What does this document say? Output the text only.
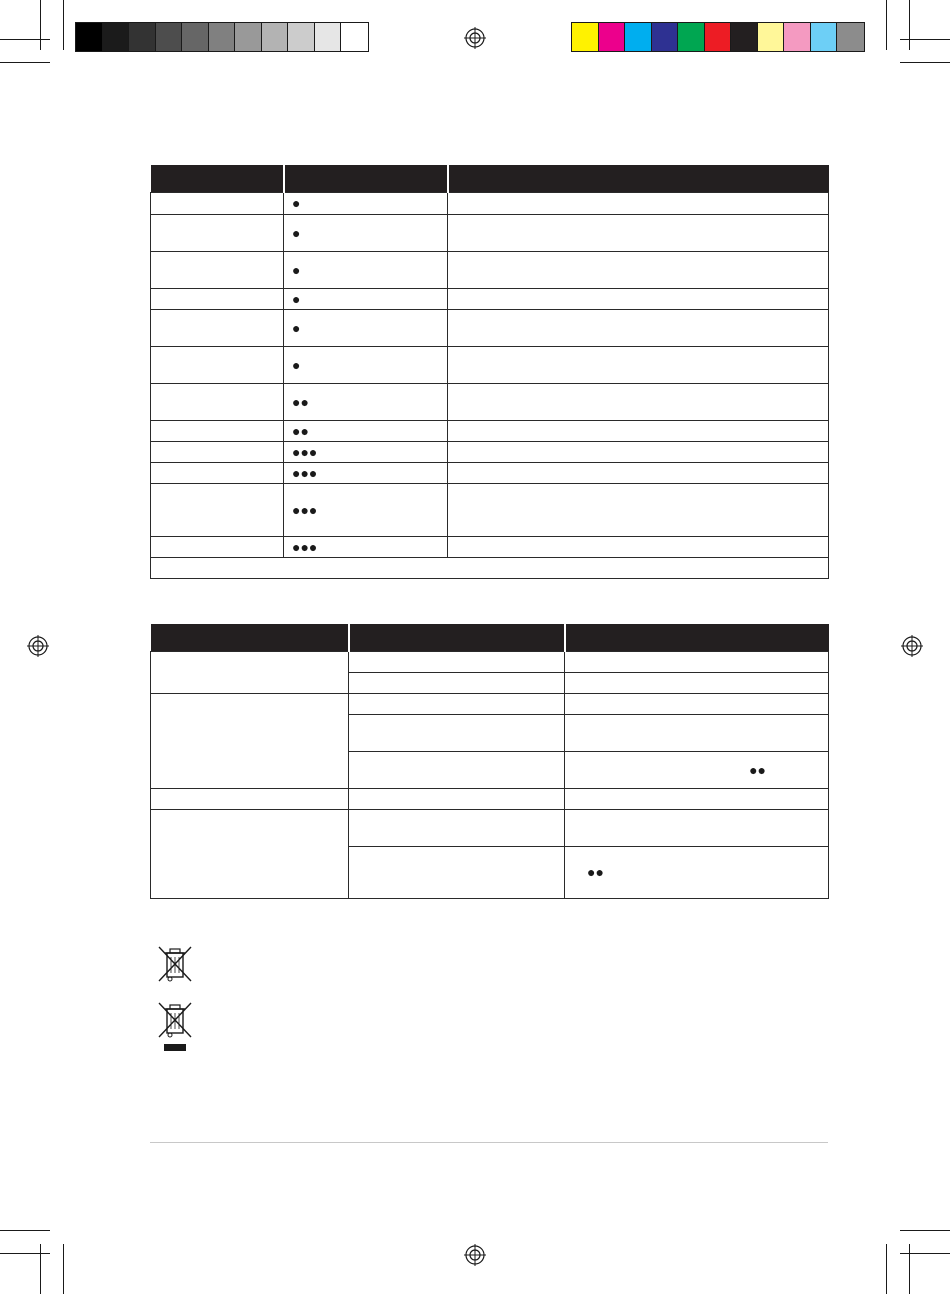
	●	
	●	
	●	
	●	
	●	
	●	
	●●	
	●●	
	●●●	
	●●●	
	●●●	
	●●●	

		●●

		●●
